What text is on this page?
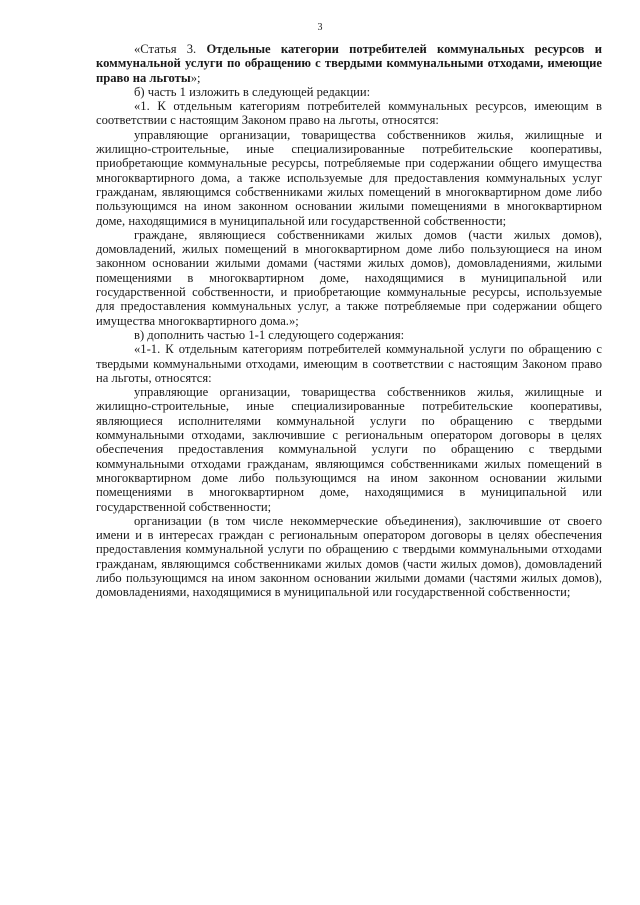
3

«Статья 3. Отдельные категории потребителей коммунальных ресурсов и коммунальной услуги по обращению с твердыми коммунальными отходами, имеющие право на льготы»;

б) часть 1 изложить в следующей редакции:

«1. К отдельным категориям потребителей коммунальных ресурсов, имеющим в соответствии с настоящим Законом право на льготы, относятся:

управляющие организации, товарищества собственников жилья, жилищные и жилищно-строительные, иные специализированные потребительские кооперативы, приобретающие коммунальные ресурсы, потребляемые при содержании общего имущества многоквартирного дома, а также используемые для предоставления коммунальных услуг гражданам, являющимся собственниками жилых помещений в многоквартирном доме либо пользующимся на ином законном основании жилыми помещениями в многоквартирном доме, находящимися в муниципальной или государственной собственности;

граждане, являющиеся собственниками жилых домов (части жилых домов), домовладений, жилых помещений в многоквартирном доме либо пользующиеся на ином законном основании жилыми домами (частями жилых домов), домовладениями, жилыми помещениями в многоквартирном доме, находящимися в муниципальной или государственной собственности, и приобретающие коммунальные ресурсы, используемые для предоставления коммунальных услуг, а также потребляемые при содержании общего имущества многоквартирного дома.»;

в) дополнить частью 1-1 следующего содержания:

«1-1. К отдельным категориям потребителей коммунальной услуги по обращению с твердыми коммунальными отходами, имеющим в соответствии с настоящим Законом право на льготы, относятся:

управляющие организации, товарищества собственников жилья, жилищные и жилищно-строительные, иные специализированные потребительские кооперативы, являющиеся исполнителями коммунальной услуги по обращению с твердыми коммунальными отходами, заключившие с региональным оператором договоры в целях обеспечения предоставления коммунальной услуги по обращению с твердыми коммунальными отходами гражданам, являющимся собственниками жилых помещений в многоквартирном доме либо пользующимся на ином законном основании жилыми помещениями в многоквартирном доме, находящимися в муниципальной или государственной собственности;

организации (в том числе некоммерческие объединения), заключившие от своего имени и в интересах граждан с региональным оператором договоры в целях обеспечения предоставления коммунальной услуги по обращению с твердыми коммунальными отходами гражданам, являющимся собственниками жилых домов (части жилых домов), домовладений либо пользующимся на ином законном основании жилыми домами (частями жилых домов), домовладениями, находящимися в муниципальной или государственной собственности;
